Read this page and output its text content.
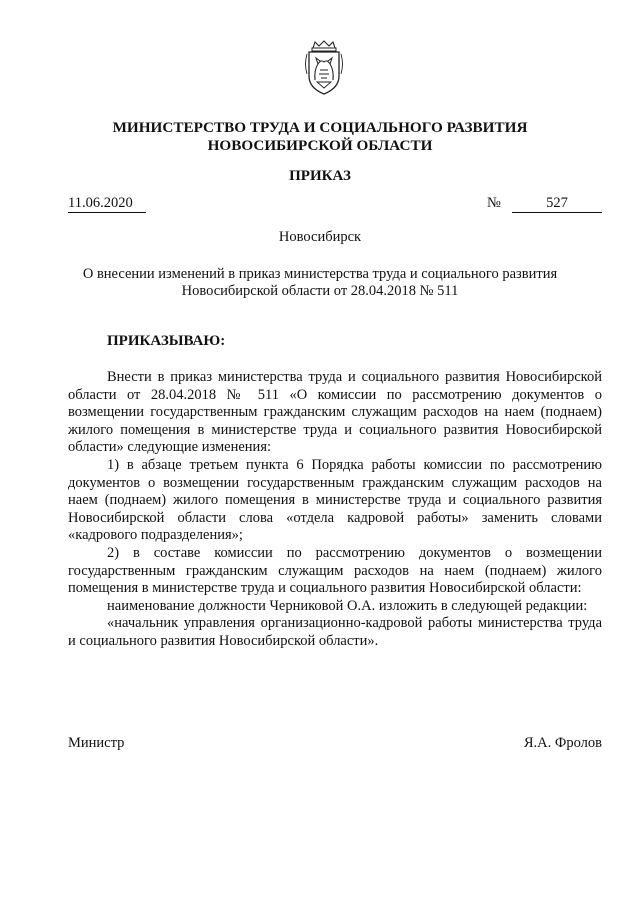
МИНИСТЕРСТВО ТРУДА И СОЦИАЛЬНОГО РАЗВИТИЯ
НОВОСИБИРСКОЙ ОБЛАСТИ

ПРИКАЗ

11.06.2020	№	527
Новосибирск

О внесении изменений в приказ министерства труда и социального развития
Новосибирской области от 28.04.2018 № 511

ПРИКАЗЫВАЮ:

Внести в приказ министерства труда и социального развития Новосибирской области от 28.04.2018 № 511 «О комиссии по рассмотрению документов о возмещении государственным гражданским служащим расходов на наем (поднаем) жилого помещения в министерстве труда и социального развития Новосибирской области» следующие изменения:

1) в абзаце третьем пункта 6 Порядка работы комиссии по рассмотрению документов о возмещении государственным гражданским служащим расходов на наем (поднаем) жилого помещения в министерстве труда и социального развития Новосибирской области слова «отдела кадровой работы» заменить словами «кадрового подразделения»;

2) в составе комиссии по рассмотрению документов о возмещении государственным гражданским служащим расходов на наем (поднаем) жилого помещения в министерстве труда и социального развития Новосибирской области:

наименование должности Черниковой О.А. изложить в следующей редакции:

«начальник управления организационно-кадровой работы министерства труда и социального развития Новосибирской области».

Министр	Я.А. Фролов
